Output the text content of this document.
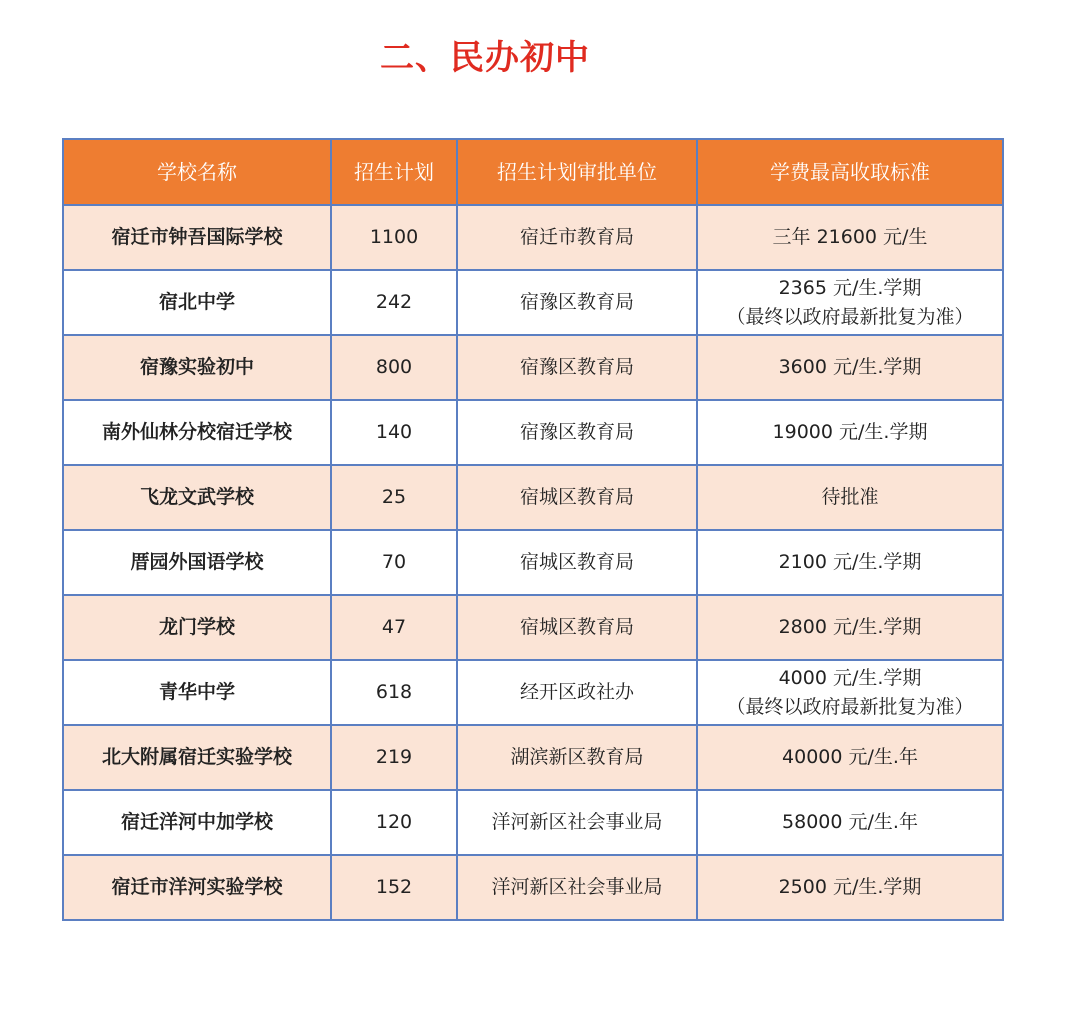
二、民办初中
学校名称	招生计划	招生计划审批单位	学费最高收取标准
宿迁市钟吾国际学校	1100	宿迁市教育局	三年 21600 元/生

宿北中学	242	宿豫区教育局	2365 元/生.学期
（最终以政府最新批复为准）

宿豫实验初中	800	宿豫区教育局	3600 元/生.学期

南外仙林分校宿迁学校	140	宿豫区教育局	19000 元/生.学期

飞龙文武学校	25	宿城区教育局	待批准

厝园外国语学校	70	宿城区教育局	2100 元/生.学期

龙门学校	47	宿城区教育局	2800 元/生.学期

青华中学	618	经开区政社办	4000 元/生.学期
（最终以政府最新批复为准）

北大附属宿迁实验学校	219	湖滨新区教育局	40000 元/生.年

宿迁洋河中加学校	120	洋河新区社会事业局	58000 元/生.年

宿迁市洋河实验学校	152	洋河新区社会事业局	2500 元/生.学期
